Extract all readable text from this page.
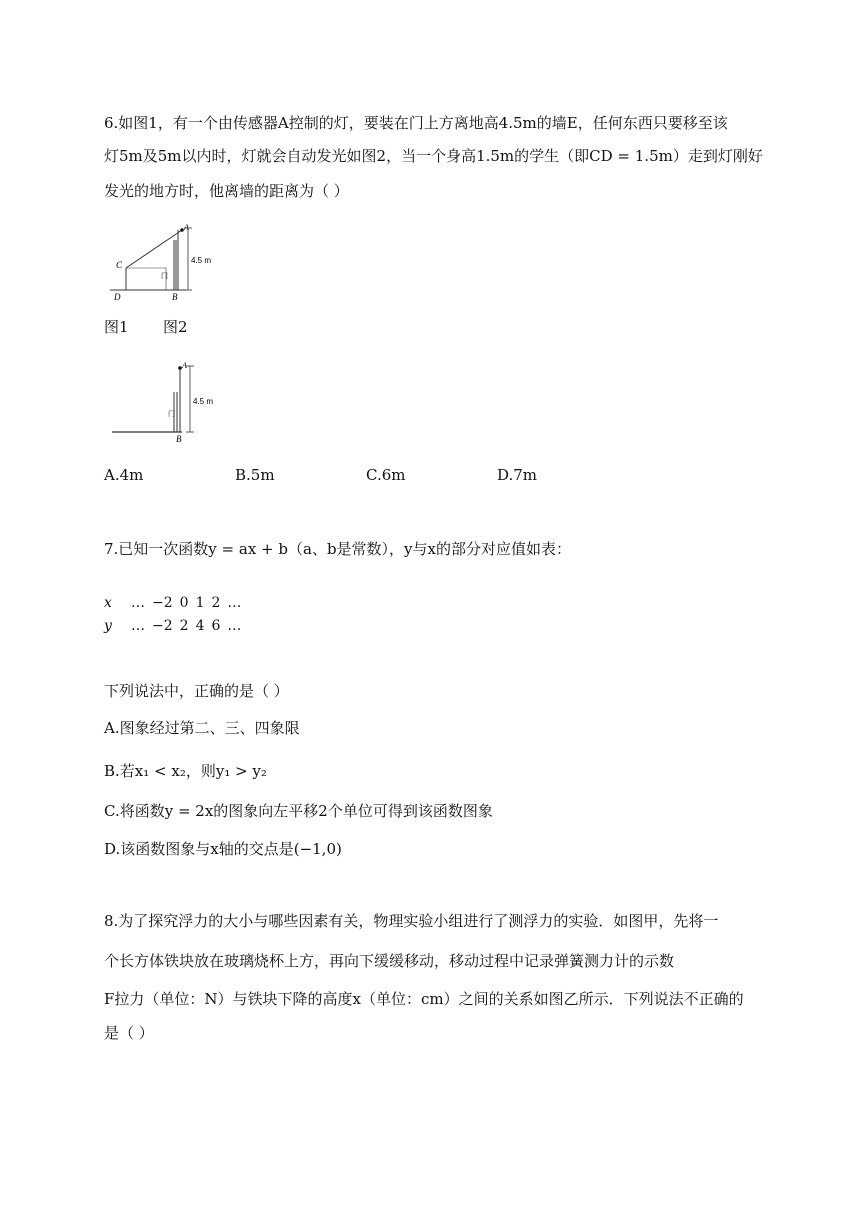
6.如图1，有一个由传感器A控制的灯，要装在门上方离地高4.5m的墙E，任何东西只要移至该
灯5m及5m以内时，灯就会自动发光如图2，当一个身高1.5m的学生（即CD = 1.5m）走到灯刚好
发光的地方时，他离墙的距离为（ ）
A
C
D	B
4.5 m
门
图1 图2
A
B
4.5 m
门
A.4m	B.5m	C.6m	D.7m
7.已知一次函数y = ax + b（a、b是常数），y与x的部分对应值如表：
x	…	−2	0	1	2	…
y	…	−2	2	4	6	…
下列说法中，正确的是（ ）
A.图象经过第二、三、四象限
B.若x₁ < x₂，则y₁ > y₂
C.将函数y = 2x的图象向左平移2个单位可得到该函数图象
D.该函数图象与x轴的交点是(−1,0)
8.为了探究浮力的大小与哪些因素有关，物理实验小组进行了测浮力的实验．如图甲，先将一
个长方体铁块放在玻璃烧杯上方，再向下缓缓移动，移动过程中记录弹簧测力计的示数
F拉力（单位：N）与铁块下降的高度x（单位：cm）之间的关系如图乙所示．下列说法不正确的
是（ ）
